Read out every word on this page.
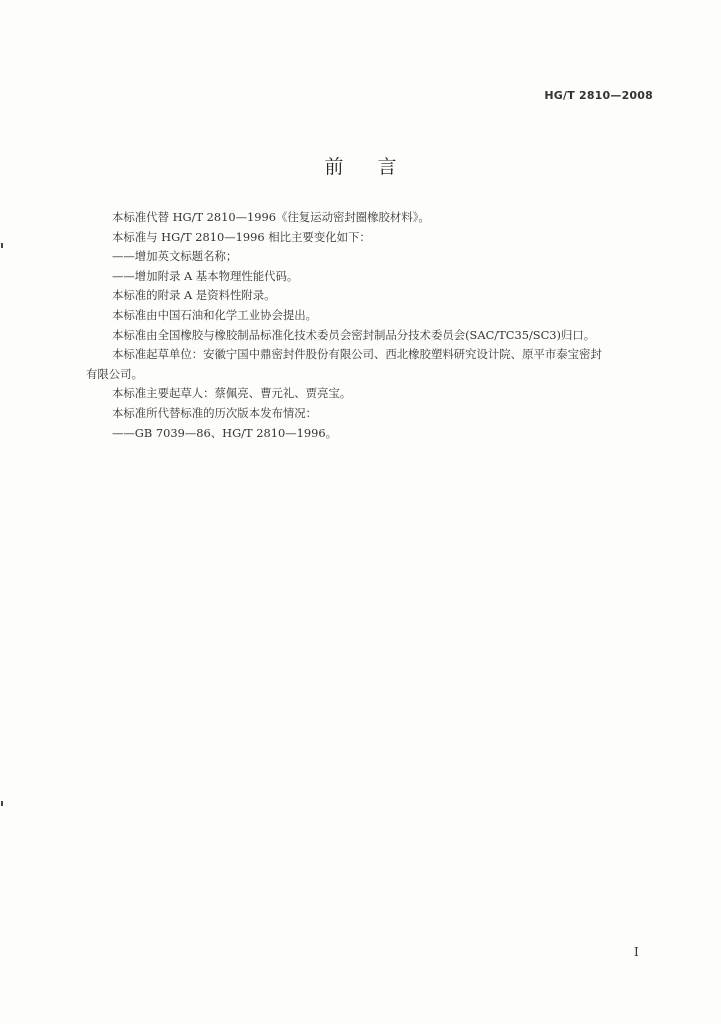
HG/T 2810—2008
前言

本标准代替 HG/T 2810—1996《往复运动密封圈橡胶材料》。

本标准与 HG/T 2810—1996 相比主要变化如下：

——增加英文标题名称；

——增加附录 A 基本物理性能代码。

本标准的附录 A 是资料性附录。

本标准由中国石油和化学工业协会提出。

本标准由全国橡胶与橡胶制品标准化技术委员会密封制品分技术委员会(SAC/TC35/SC3)归口。

本标准起草单位：安徽宁国中鼎密封件股份有限公司、西北橡胶塑料研究设计院、原平市泰宝密封

有限公司。

本标准主要起草人：蔡佩亮、曹元礼、贾亮宝。

本标准所代替标准的历次版本发布情况：

——GB 7039—86、HG/T 2810—1996。

I
